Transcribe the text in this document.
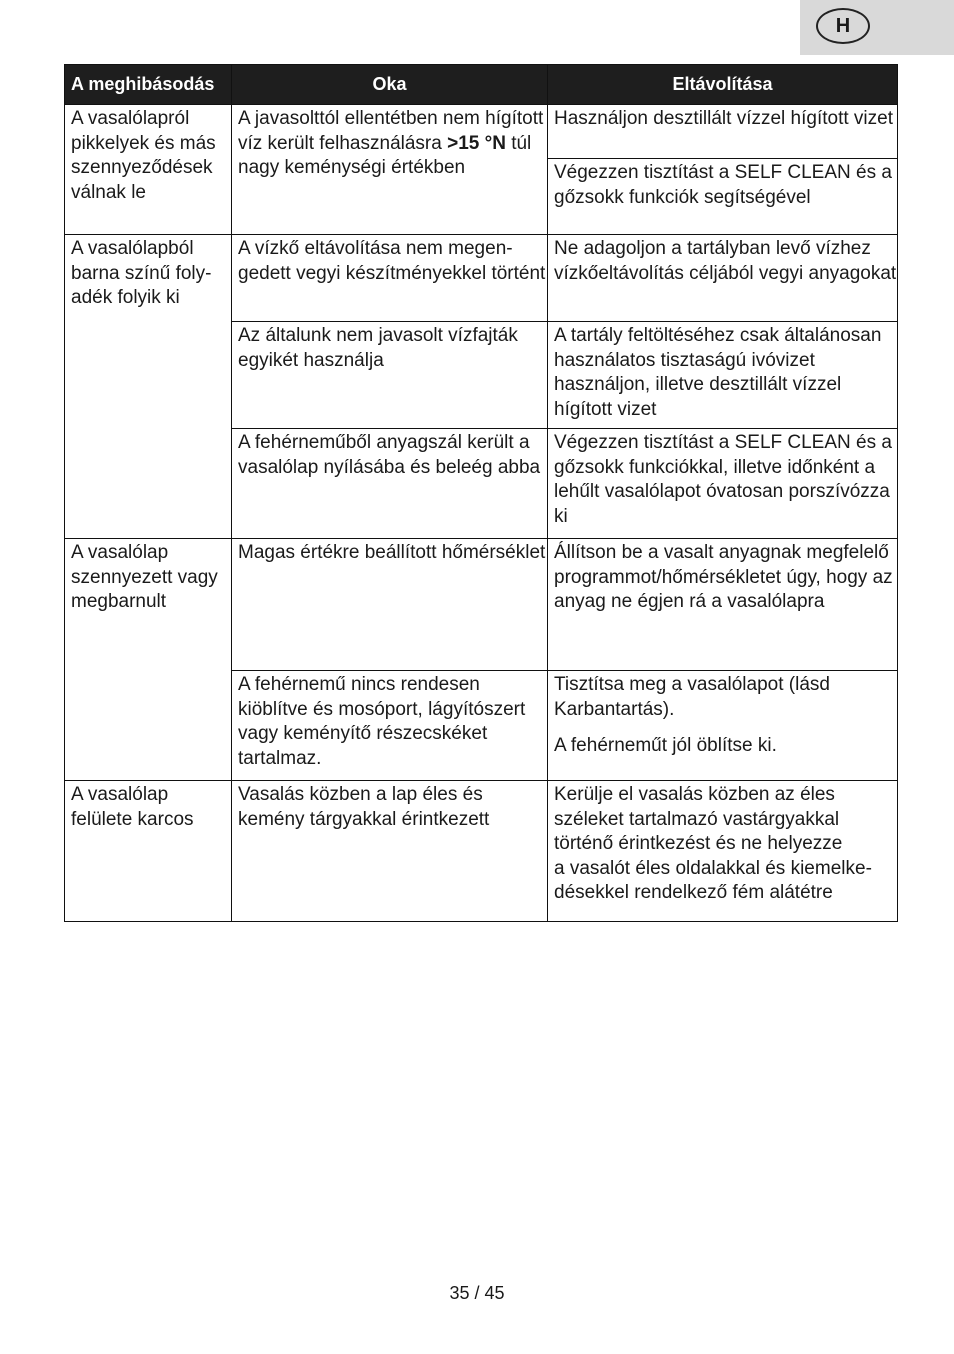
H
A meghibásodás	Oka	Eltávolítása
A vasalólapról pikkelyek és más szennyeződések válnak le	A javasolttól ellentétben nem hígított víz került felhasználásra >15 °N túl nagy keménységi értékben	Használjon desztillált vízzel hígított vizet
		Végezzen tisztítást a SELF CLEAN és a gőzsokk funkciók segítségével
A vasalólapból barna színű folyadék folyik ki	A vízkő eltávolítása nem megengedett vegyi készítményekkel történt	Ne adagoljon a tartályban levő vízhez vízkőeltávolítás céljából vegyi anyagokat
	Az általunk nem javasolt vízfajták egyikét használja	A tartály feltöltéséhez csak általánosan használatos tisztaságú ivóvizet használjon, illetve desztillált vízzel hígított vizet
	A fehérneműből anyagszál került a vasalólap nyílásába és beleég abba	Végezzen tisztítást a SELF CLEAN és a gőzsokk funkciókkal, illetve időnként a lehűlt vasalólapot óvatosan porszívózza ki
A vasalólap szennyezett vagy megbarnult	Magas értékre beállított hőmérséklet	Állítson be a vasalt anyagnak megfelelő programmot/hőmérsékletet úgy, hogy az anyag ne égjen rá a vasalólapra
	A fehérnemű nincs rendesen kiöblítve és mosóport, lágyítószert vagy keményítő részecskéket tartalmaz.	Tisztítsa meg a vasalólapot (lásd Karbantartás).
A fehérneműt jól öblítse ki.

A vasalólap felülete karcos	Vasalás közben a lap éles és kemény tárgyakkal érintkezett	Kerülje el vasalás közben az éles széleket tartalmazó vastárgyakkal történő érintkezést és ne helyezze
a vasalót éles oldalakkal és kiemelkedésekkel rendelkező fém alátétre
35 / 45
